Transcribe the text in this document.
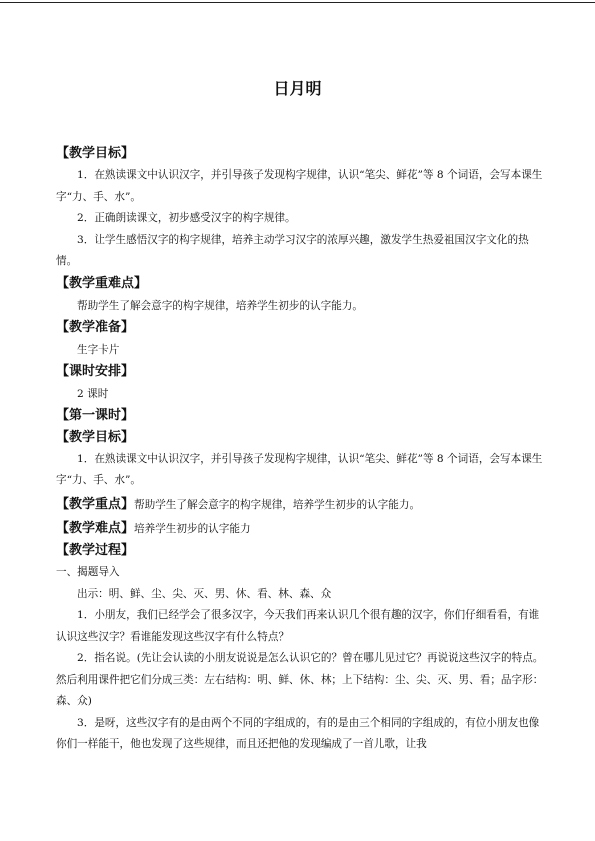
日月明
【教学目标】
1．在熟读课文中认识汉字，并引导孩子发现构字规律，认识“笔尖、鲜花”等 8 个词语，会写本课生字“力、手、水”。
2．正确朗读课文，初步感受汉字的构字规律。
3．让学生感悟汉字的构字规律，培养主动学习汉字的浓厚兴趣，激发学生热爱祖国汉字文化的热情。
【教学重难点】
帮助学生了解会意字的构字规律，培养学生初步的认字能力。
【教学准备】
生字卡片
【课时安排】
2 课时
【第一课时】
【教学目标】
1．在熟读课文中认识汉字，并引导孩子发现构字规律，认识“笔尖、鲜花”等 8 个词语，会写本课生字“力、手、水”。
【教学重点】帮助学生了解会意字的构字规律，培养学生初步的认字能力。
【教学难点】培养学生初步的认字能力
【教学过程】
一、揭题导入
出示：明、鲜、尘、尖、灭、男、休、看、林、森、众
1．小朋友，我们已经学会了很多汉字，今天我们再来认识几个很有趣的汉字，你们仔细看看，有谁认识这些汉字？看谁能发现这些汉字有什么特点？
2．指名说。(先让会认读的小朋友说说是怎么认识它的？曾在哪儿见过它？再说说这些汉字的特点。然后利用课件把它们分成三类：左右结构：明、鲜、休、林；上下结构：尘、尖、灭、男、看；品字形：森、众)
3．是呀，这些汉字有的是由两个不同的字组成的，有的是由三个相同的字组成的，有位小朋友也像你们一样能干，他也发现了这些规律，而且还把他的发现编成了一首儿歌，让我
